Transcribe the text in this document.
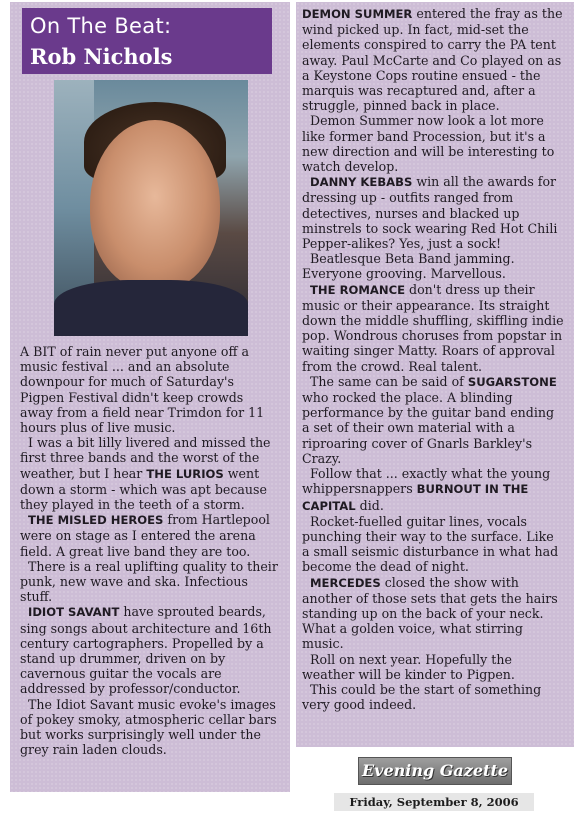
On The Beat:
Rob Nichols

A BIT of rain never put anyone off a music festival ... and an absolute downpour for much of Saturday's Pigpen Festival didn't keep crowds away from a field near Trimdon for 11 hours plus of live music.

I was a bit lilly livered and missed the first three bands and the worst of the weather, but I hear THE LURIOS went down a storm - which was apt because they played in the teeth of a storm.

THE MISLED HEROES from Hartlepool were on stage as I entered the arena field. A great live band they are too.

There is a real uplifting quality to their punk, new wave and ska. Infectious stuff.

IDIOT SAVANT have sprouted beards, sing songs about architecture and 16th century cartographers. Propelled by a stand up drummer, driven on by cavernous guitar the vocals are addressed by professor/conductor.

The Idiot Savant music evoke's images of pokey smoky, atmospheric cellar bars but works surprisingly well under the grey rain laden clouds.

DEMON SUMMER entered the fray as the wind picked up. In fact, mid-set the elements conspired to carry the PA tent away. Paul McCarte and Co played on as a Keystone Cops routine ensued - the marquis was recaptured and, after a struggle, pinned back in place.

Demon Summer now look a lot more like former band Procession, but it's a new direction and will be interesting to watch develop.

DANNY KEBABS win all the awards for dressing up - outfits ranged from detectives, nurses and blacked up minstrels to sock wearing Red Hot Chili Pepper-alikes? Yes, just a sock!

Beatlesque Beta Band jamming. Everyone grooving. Marvellous.

THE ROMANCE don't dress up their music or their appearance. Its straight down the middle shuffling, skiffling indie pop. Wondrous choruses from popstar in waiting singer Matty. Roars of approval from the crowd. Real talent.

The same can be said of SUGARSTONE who rocked the place. A blinding performance by the guitar band ending a set of their own material with a riproaring cover of Gnarls Barkley's Crazy.

Follow that ... exactly what the young whippersnappers BURNOUT IN THE CAPITAL did.

Rocket-fuelled guitar lines, vocals punching their way to the surface. Like a small seismic disturbance in what had become the dead of night.

MERCEDES closed the show with another of those sets that gets the hairs standing up on the back of your neck. What a golden voice, what stirring music.

Roll on next year. Hopefully the weather will be kinder to Pigpen.

This could be the start of something very good indeed.

Evening Gazette
Friday, September 8, 2006
